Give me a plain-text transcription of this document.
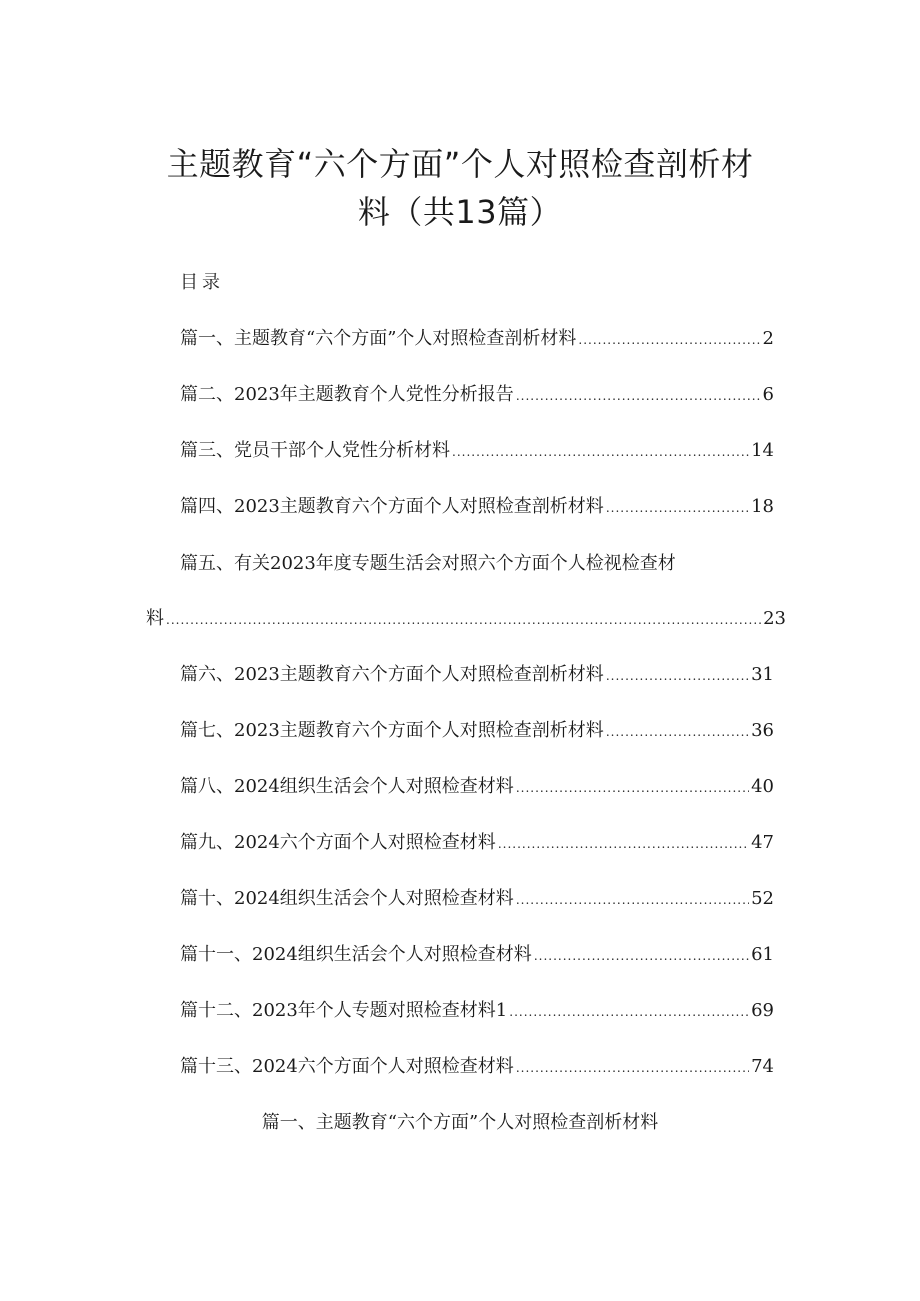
主题教育“六个方面”个人对照检查剖析材
料（共13篇）
目录
篇一、主题教育“六个方面”个人对照检查剖析材料 .....	2
篇二、2023年主题教育个人党性分析报告 .....	6
篇三、党员干部个人党性分析材料 .....	14
篇四、2023主题教育六个方面个人对照检查剖析材料 .....	18
篇五、有关2023年度专题生活会对照六个方面个人检视检查材
料 .....	23
篇六、2023主题教育六个方面个人对照检查剖析材料 .....	31
篇七、2023主题教育六个方面个人对照检查剖析材料 .....	36
篇八、2024组织生活会个人对照检查材料 .....	40
篇九、2024六个方面个人对照检查材料 .....	47
篇十、2024组织生活会个人对照检查材料 .....	52
篇十一、2024组织生活会个人对照检查材料 .....	61
篇十二、2023年个人专题对照检查材料1 .....	69
篇十三、2024六个方面个人对照检查材料 .....	74
篇一、主题教育“六个方面”个人对照检查剖析材料
